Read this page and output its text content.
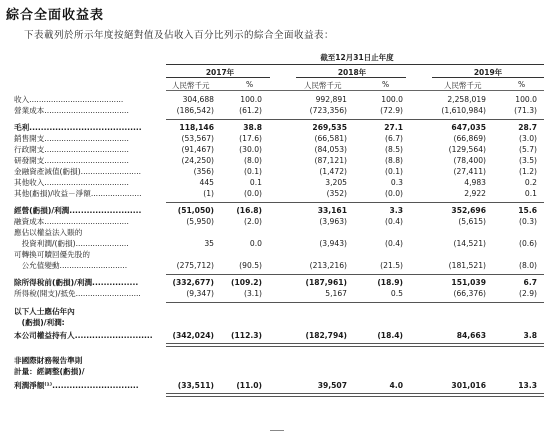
綜合全面收益表
下表載列於所示年度按絕對值及佔收入百分比列示的綜合全面收益表：
截至12月31日止年度
2017年	2018年	2019年
人民幣千元	%	人民幣千元	%	人民幣千元	%
收入.......................................	304,688	100.0	992,891	100.0	2,258,019	100.0
營業成本...................................	(186,542)	(61.2)	(723,356)	(72.9)	(1,610,984)	(71.3)
毛利.......................................	118,146	38.8	269,535	27.1	647,035	28.7
銷售開支...................................	(53,567)	(17.6)	(66,581)	(6.7)	(66,869)	(3.0)
行政開支...................................	(91,467)	(30.0)	(84,053)	(8.5)	(129,564)	(5.7)
研發開支...................................	(24,250)	(8.0)	(87,121)	(8.8)	(78,400)	(3.5)
金融資產減值(虧損).........................	(356)	(0.1)	(1,472)	(0.1)	(27,411)	(1.2)
其他收入...................................	445	0.1	3,205	0.3	4,983	0.2
其他(虧損)/收益－淨額.....................	(1)	(0.0)	(352)	(0.0)	2,922	0.1
經營(虧損)/利潤.........................	(51,050)	(16.8)	33,161	3.3	352,696	15.6
融資成本...................................	(5,950)	(2.0)	(3,963)	(0.4)	(5,615)	(0.3)
應佔以權益法入賬的
　投資利潤/(虧損)......................	35	0.0	(3,943)	(0.4)	(14,521)	(0.6)
可轉換可贖回優先股的
　公允值變動............................	(275,712)	(90.5)	(213,216)	(21.5)	(181,521)	(8.0)
除所得稅前(虧損)/利潤................	(332,677)	(109.2)	(187,961)	(18.9)	151,039	6.7
所得稅(開支)/抵免...........................	(9,347)	(3.1)	5,167	0.5	(66,376)	(2.9)
以下人士應佔年內
　(虧損)/利潤:
本公司權益持有人...........................	(342,024)	(112.3)	(182,794)	(18.4)	84,663	3.8
非國際財務報告準則
計量：經調整(虧損)/
利潤淨額⁽¹⁾..............................	(33,511)	(11.0)	39,507	4.0	301,016	13.3
